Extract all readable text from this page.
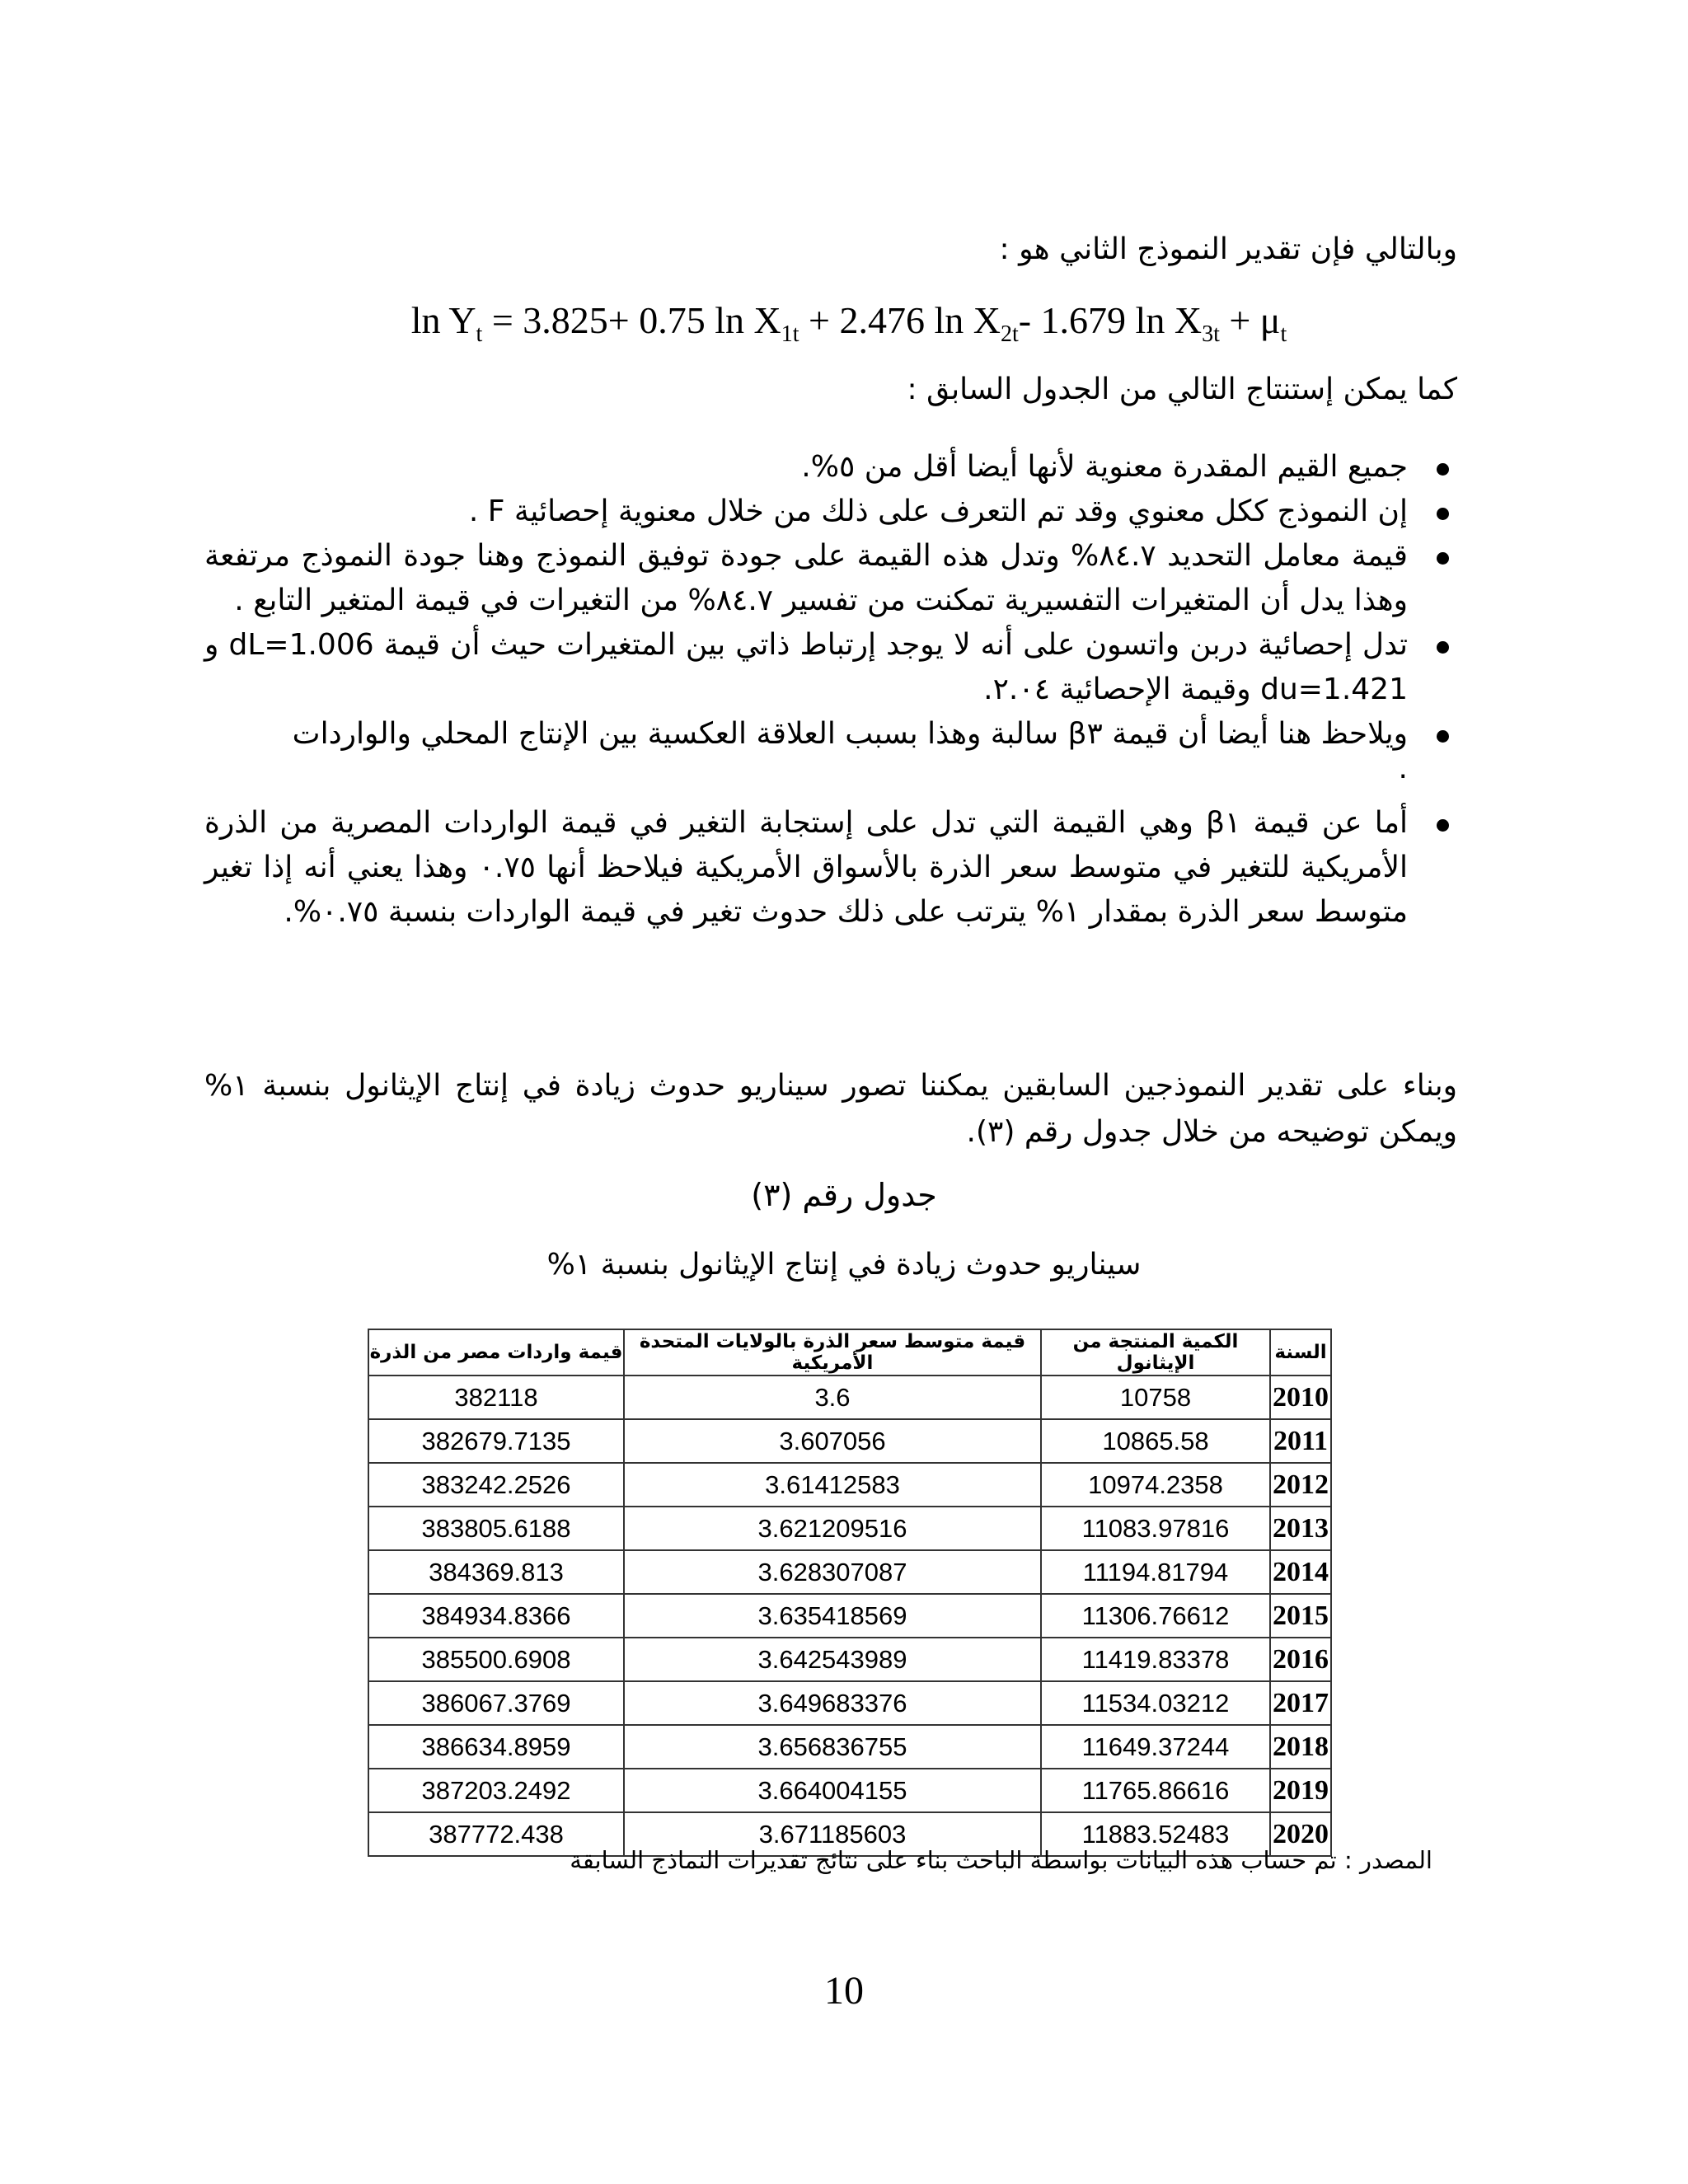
وبالتالي فإن تقدير النموذج الثاني هو :
$\ln Y_t = 3.825+ 0.75$ $\ln X_{1t} + 2.476$ $\ln X_{2t}-$ 1.679 $\ln X_{3t} + \mu_t$
كما يمكن إستنتاج التالي من الجدول السابق :
جميع القيم المقدرة معنوية لأنها أيضا أقل من ٥%.
إن النموذج ككل معنوي وقد تم التعرف على ذلك من خلال معنوية إحصائية F .
قيمة معامل التحديد ٨٤.٧% وتدل هذه القيمة على جودة توفيق النموذج وهنا جودة النموذج مرتفعة وهذا يدل أن المتغيرات التفسيرية تمكنت من تفسير ٨٤.٧% من التغيرات في قيمة المتغير التابع .
تدل إحصائية دربن واتسون على أنه لا يوجد إرتباط ذاتي بين المتغيرات حيث أن قيمة dL=1.006 و du=1.421 وقيمة الإحصائية ٢.٠٤.
ويلاحظ هنا أيضا أن قيمة β٣ سالبة وهذا بسبب العلاقة العكسية بين الإنتاج المحلي والواردات
.
أما عن قيمة β١ وهي القيمة التي تدل على إستجابة التغير في قيمة الواردات المصرية من الذرة الأمريكية للتغير في متوسط سعر الذرة بالأسواق الأمريكية فيلاحظ أنها ٠.٧٥ وهذا يعني أنه إذا تغير متوسط سعر الذرة بمقدار ١% يترتب على ذلك حدوث تغير في قيمة الواردات بنسبة ٠.٧٥%.
وبناء على تقدير النموذجين السابقين يمكننا تصور سيناريو حدوث زيادة في إنتاج الإيثانول بنسبة ١% ويمكن توضيحه من خلال جدول رقم (٣).
جدول رقم (٣)
سيناريو حدوث زيادة في إنتاج الإيثانول بنسبة ١%
السنة	الكمية المنتجة من الإيثانول	قيمة متوسط سعر الذرة بالولايات المتحدة الأمريكية	قيمة واردات مصر من الذرة
2010	10758	3.6	382118
2011	10865.58	3.607056	382679.7135
2012	10974.2358	3.61412583	383242.2526
2013	11083.97816	3.621209516	383805.6188
2014	11194.81794	3.628307087	384369.813
2015	11306.76612	3.635418569	384934.8366
2016	11419.83378	3.642543989	385500.6908
2017	11534.03212	3.649683376	386067.3769
2018	11649.37244	3.656836755	386634.8959
2019	11765.86616	3.664004155	387203.2492
2020	11883.52483	3.671185603	387772.438
المصدر : تم حساب هذه البيانات بواسطة الباحث بناء على نتائج تقديرات النماذج السابقة
10
